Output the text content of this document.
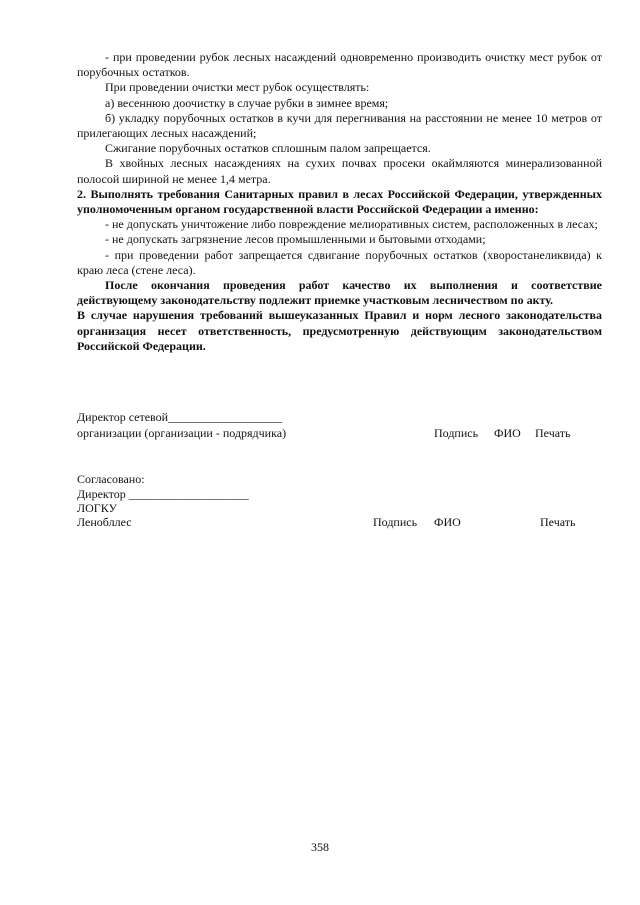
- при проведении рубок лесных насаждений одновременно производить очистку мест рубок от порубочных остатков.

При проведении очистки мест рубок осуществлять:

а) весеннюю доочистку в случае рубки в зимнее время;

б) укладку порубочных остатков в кучи для перегнивания на расстоянии не менее 10 метров от прилегающих лесных насаждений;

Сжигание порубочных остатков сплошным палом запрещается.

В хвойных лесных насаждениях на сухих почвах просеки окаймляются минерализованной полосой шириной не менее 1,4 метра.

2. Выполнять требования Санитарных правил в лесах Российской Федерации, утвержденных уполномоченным органом государственной власти Российской Федерации а именно:

- не допускать уничтожение либо повреждение мелиоративных систем, расположенных в лесах;

- не допускать загрязнение лесов промышленными и бытовыми отходами;

- при проведении работ запрещается сдвигание порубочных остатков (хворостанеликвида) к краю леса (стене леса).

После окончания проведения работ качество их выполнения и соответствие действующему законодательству подлежит приемке участковым лесничеством по акту.

В случае нарушения требований вышеуказанных Правил и норм лесного законодательства организация несет ответственность, предусмотренную действующим законодательством Российской Федерации.

Директор сетевой___________________
организации (организации - подрядчика)	Подпись ФИО Печать
Согласовано:
Директор ____________________
ЛОГКУ
Ленобллес	Подпись ФИО	Печать
358
